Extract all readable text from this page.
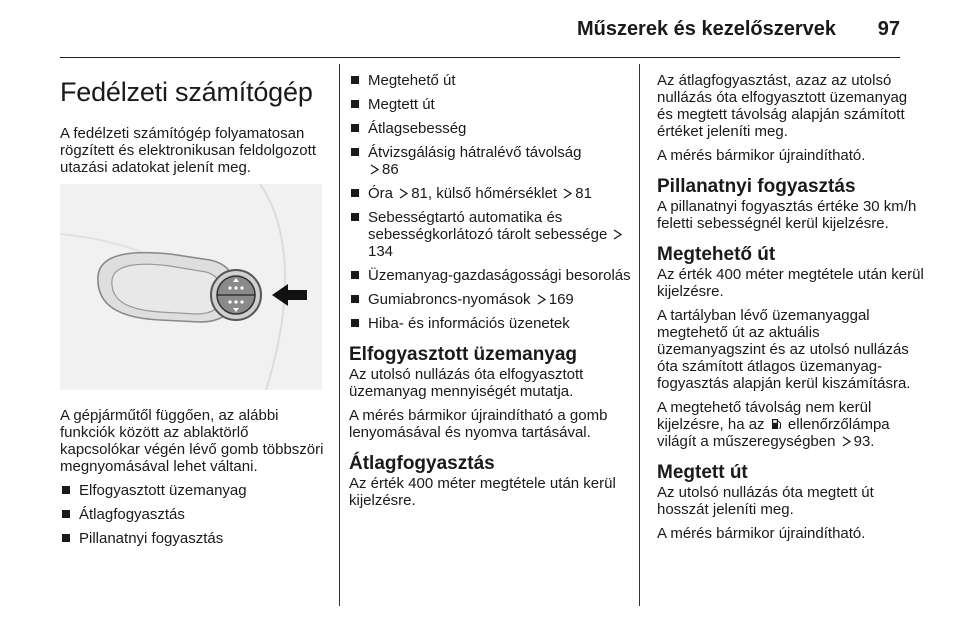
Műszerek és kezelőszervek 97
Fedélzeti számítógép

A fedélzeti számítógép folyamatosan rögzített és elektronikusan feldolgozott utazási adatokat jelenít meg.

A gépjárműtől függően, az alábbi funkciók között az ablaktörlő kapcsolókar végén lévő gomb többszöri megnyomásával lehet váltani.

Elfogyasztott üzemanyag
Átlagfogyasztás
Pillanatnyi fogyasztás
Megtehető út
Megtett út
Átlagsebesség
Átvizsgálásig hátralévő távolság

86
Óra 81, külső hőmérséklet 81
Sebességtartó automatika és sebességkorlátozó tárolt sebessége
134
Üzemanyag-gazdaságossági besorolás
Gumiabroncs-nyomások 169
Hiba- és információs üzenetek
Elfogyasztott üzemanyag

Az utolsó nullázás óta elfogyasztott üzemanyag mennyiségét mutatja.

A mérés bármikor újraindítható a gomb lenyomásával és nyomva tartásával.

Átlagfogyasztás

Az érték 400 méter megtétele után kerül kijelzésre.

Az átlagfogyasztást, azaz az utolsó nullázás óta elfogyasztott üzemanyag és megtett távolság alapján számított értéket jeleníti meg.

A mérés bármikor újraindítható.

Pillanatnyi fogyasztás

A pillanatnyi fogyasztás értéke 30 km/h feletti sebességnél kerül kijelzésre.

Megtehető út

Az érték 400 méter megtétele után kerül kijelzésre.

A tartályban lévő üzemanyaggal megtehető út az aktuális üzemanyagszint és az utolsó nullázás óta számított átlagos üzemanyag-fogyasztás alapján kerül kiszámításra.

A megtehető távolság nem kerül kijelzésre, ha az ellenőrzőlámpa világít a műszeregységben 93.

Megtett út

Az utolsó nullázás óta megtett út hosszát jeleníti meg.

A mérés bármikor újraindítható.
